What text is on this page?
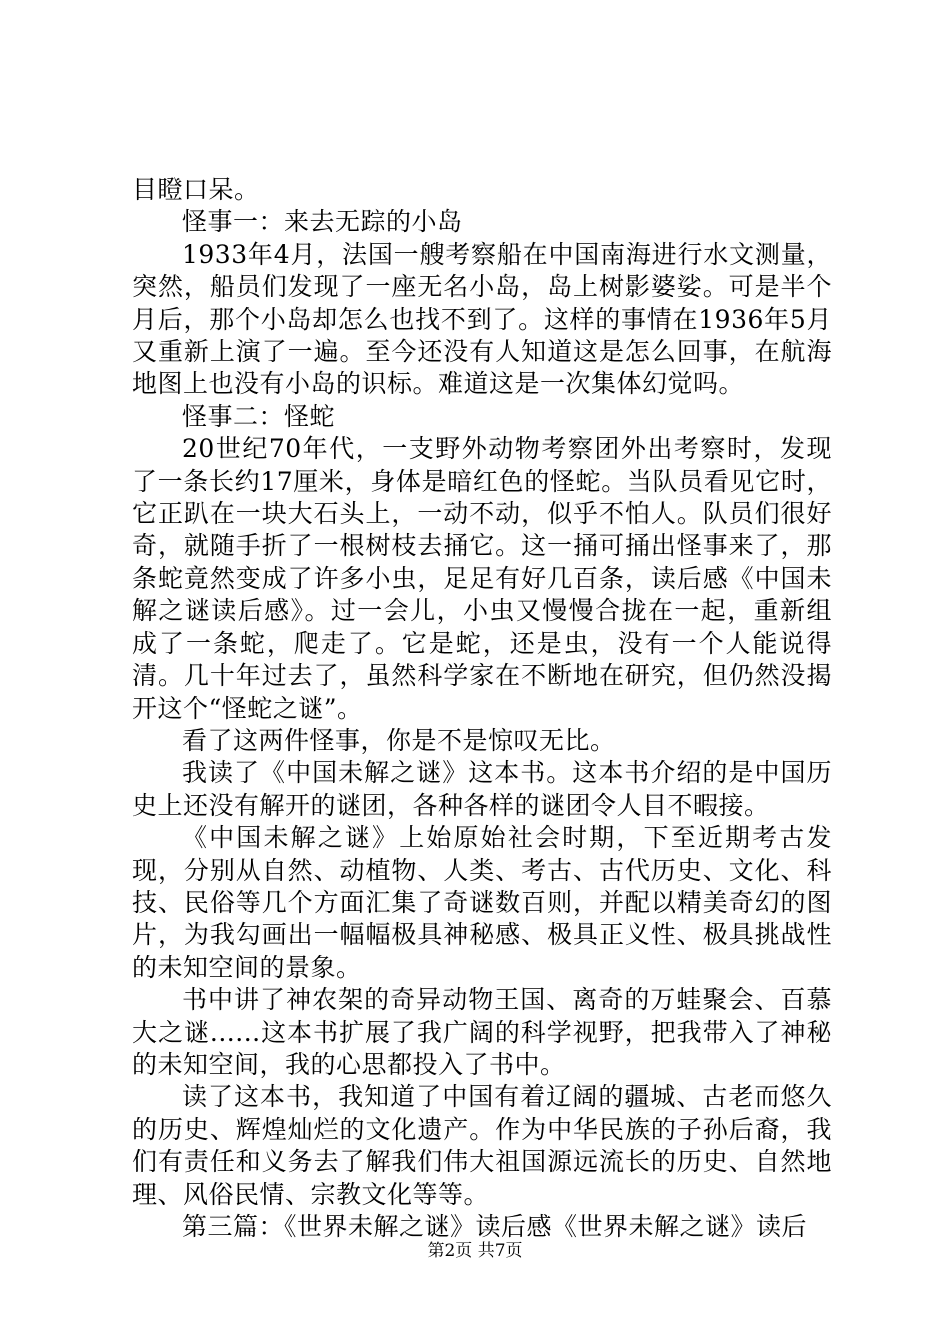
目瞪口呆。

怪事一：来去无踪的小岛

1933年4月，法国一艘考察船在中国南海进行水文测量，突然，船员们发现了一座无名小岛，岛上树影婆娑。可是半个月后，那个小岛却怎么也找不到了。这样的事情在1936年5月又重新上演了一遍。至今还没有人知道这是怎么回事，在航海地图上也没有小岛的识标。难道这是一次集体幻觉吗。

怪事二：怪蛇

20世纪70年代，一支野外动物考察团外出考察时，发现了一条长约17厘米，身体是暗红色的怪蛇。当队员看见它时，它正趴在一块大石头上，一动不动，似乎不怕人。队员们很好奇，就随手折了一根树枝去捅它。这一捅可捅出怪事来了，那条蛇竟然变成了许多小虫，足足有好几百条，读后感《中国未解之谜读后感》。过一会儿，小虫又慢慢合拢在一起，重新组成了一条蛇，爬走了。它是蛇，还是虫，没有一个人能说得清。几十年过去了，虽然科学家在不断地在研究，但仍然没揭开这个“怪蛇之谜”。

看了这两件怪事，你是不是惊叹无比。

我读了《中国未解之谜》这本书。这本书介绍的是中国历史上还没有解开的谜团，各种各样的谜团令人目不暇接。

《中国未解之谜》上始原始社会时期，下至近期考古发现，分别从自然、动植物、人类、考古、古代历史、文化、科技、民俗等几个方面汇集了奇谜数百则，并配以精美奇幻的图片，为我勾画出一幅幅极具神秘感、极具正义性、极具挑战性的未知空间的景象。

书中讲了神农架的奇异动物王国、离奇的万蛙聚会、百慕大之谜......这本书扩展了我广阔的科学视野，把我带入了神秘的未知空间，我的心思都投入了书中。

读了这本书，我知道了中国有着辽阔的疆城、古老而悠久的历史、辉煌灿烂的文化遗产。作为中华民族的子孙后裔，我们有责任和义务去了解我们伟大祖国源远流长的历史、自然地理、风俗民情、宗教文化等等。

第三篇：《世界未解之谜》读后感《世界未解之谜》读后

第2页 共7页
